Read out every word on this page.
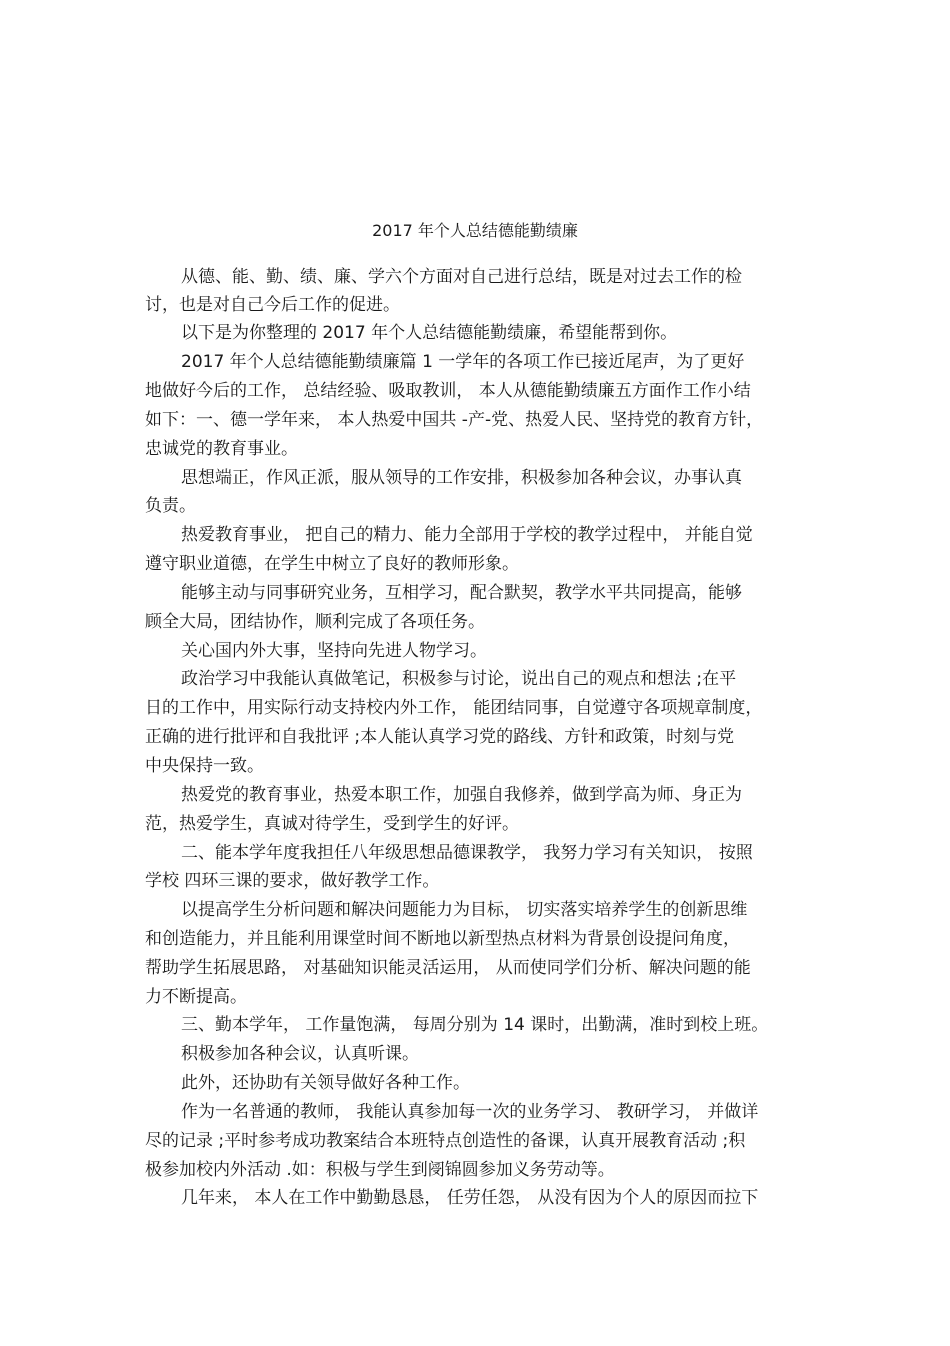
2017 年个人总结德能勤绩廉
从德、能、勤、绩、廉、学六个方面对自己进行总结，既是对过去工作的检
讨，也是对自己今后工作的促进。
以下是为你整理的 2017 年个人总结德能勤绩廉，希望能帮到你。
2017 年个人总结德能勤绩廉篇 1 一学年的各项工作已接近尾声，为了更好
地做好今后的工作， 总结经验、吸取教训， 本人从德能勤绩廉五方面作工作小结
如下：一、德一学年来， 本人热爱中国共 -产-党、热爱人民、坚持党的教育方针，
忠诚党的教育事业。
思想端正，作风正派，服从领导的工作安排，积极参加各种会议，办事认真
负责。
热爱教育事业， 把自己的精力、能力全部用于学校的教学过程中， 并能自觉
遵守职业道德，在学生中树立了良好的教师形象。
能够主动与同事研究业务，互相学习，配合默契，教学水平共同提高，能够
顾全大局，团结协作，顺利完成了各项任务。
关心国内外大事，坚持向先进人物学习。
政治学习中我能认真做笔记，积极参与讨论，说出自己的观点和想法 ;在平
日的工作中，用实际行动支持校内外工作， 能团结同事，自觉遵守各项规章制度，
正确的进行批评和自我批评 ;本人能认真学习党的路线、方针和政策，时刻与党
中央保持一致。
热爱党的教育事业，热爱本职工作，加强自我修养，做到学高为师、身正为
范，热爱学生，真诚对待学生，受到学生的好评。
二、能本学年度我担任八年级思想品德课教学， 我努力学习有关知识， 按照
学校 四环三课的要求，做好教学工作。
以提高学生分析问题和解决问题能力为目标， 切实落实培养学生的创新思维
和创造能力，并且能利用课堂时间不断地以新型热点材料为背景创设提问角度，
帮助学生拓展思路， 对基础知识能灵活运用， 从而使同学们分析、解决问题的能
力不断提高。
三、勤本学年， 工作量饱满， 每周分别为 14 课时，出勤满，准时到校上班。
积极参加各种会议，认真听课。
此外，还协助有关领导做好各种工作。
作为一名普通的教师， 我能认真参加每一次的业务学习、 教研学习， 并做详
尽的记录 ;平时参考成功教案结合本班特点创造性的备课，认真开展教育活动 ;积
极参加校内外活动 .如：积极与学生到阌锦圆参加义务劳动等。
几年来， 本人在工作中勤勤恳恳， 任劳任怨， 从没有因为个人的原因而拉下
